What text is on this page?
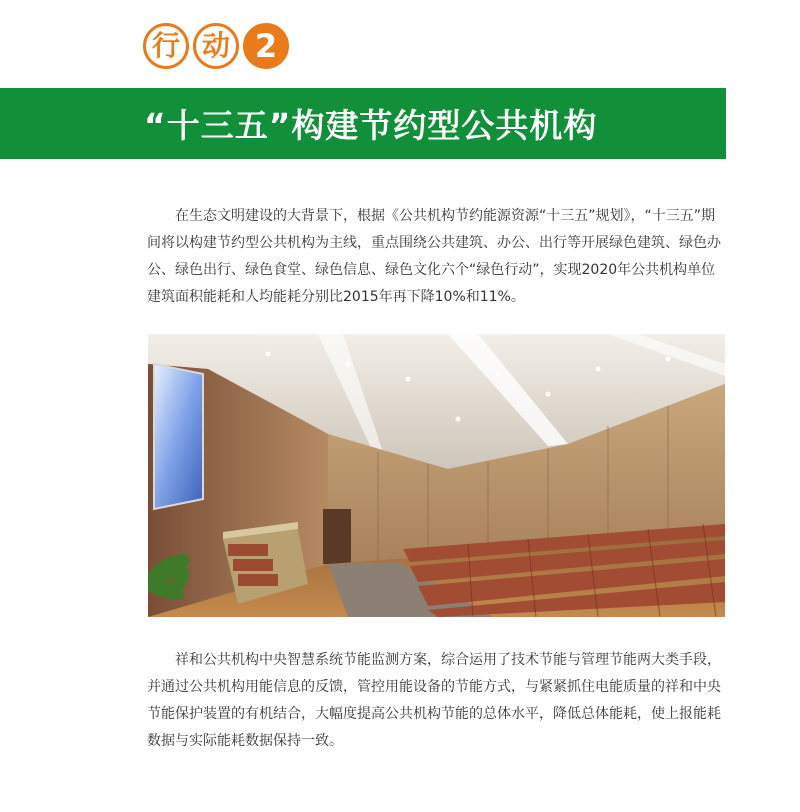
行 动 2
“十三五”构建节约型公共机构

在生态文明建设的大背景下，根据《公共机构节约能源资源“十三五”规划》，“十三五”期间将以构建节约型公共机构为主线，重点围绕公共建筑、办公、出行等开展绿色建筑、绿色办公、绿色出行、绿色食堂、绿色信息、绿色文化六个“绿色行动”，实现2020年公共机构单位建筑面积能耗和人均能耗分别比2015年再下降10%和11%。

祥和公共机构中央智慧系统节能监测方案，综合运用了技术节能与管理节能两大类手段，并通过公共机构用能信息的反馈，管控用能设备的节能方式，与紧紧抓住电能质量的祥和中央节能保护装置的有机结合，大幅度提高公共机构节能的总体水平，降低总体能耗，使上报能耗数据与实际能耗数据保持一致。
